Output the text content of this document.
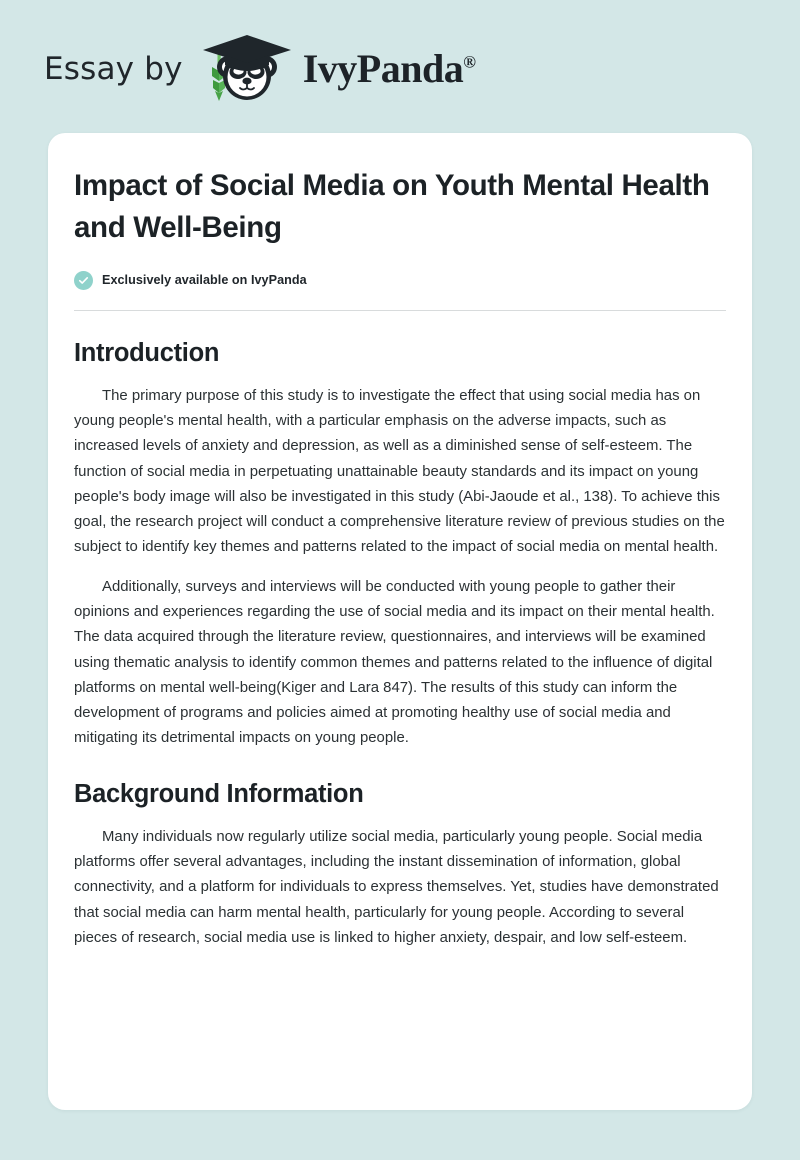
Essay by	IvyPanda®
Impact of Social Media on Youth Mental Health and Well-Being
Exclusively available on IvyPanda
Introduction

The primary purpose of this study is to investigate the effect that using social media has on young people's mental health, with a particular emphasis on the adverse impacts, such as increased levels of anxiety and depression, as well as a diminished sense of self-esteem. The function of social media in perpetuating unattainable beauty standards and its impact on young people's body image will also be investigated in this study (Abi-Jaoude et al., 138). To achieve this goal, the research project will conduct a comprehensive literature review of previous studies on the subject to identify key themes and patterns related to the impact of social media on mental health.

Additionally, surveys and interviews will be conducted with young people to gather their opinions and experiences regarding the use of social media and its impact on their mental health. The data acquired through the literature review, questionnaires, and interviews will be examined using thematic analysis to identify common themes and patterns related to the influence of digital platforms on mental well-being(Kiger and Lara 847). The results of this study can inform the development of programs and policies aimed at promoting healthy use of social media and mitigating its detrimental impacts on young people.

Background Information

Many individuals now regularly utilize social media, particularly young people. Social media platforms offer several advantages, including the instant dissemination of information, global connectivity, and a platform for individuals to express themselves. Yet, studies have demonstrated that social media can harm mental health, particularly for young people. According to several pieces of research, social media use is linked to higher anxiety, despair, and low self-esteem.
